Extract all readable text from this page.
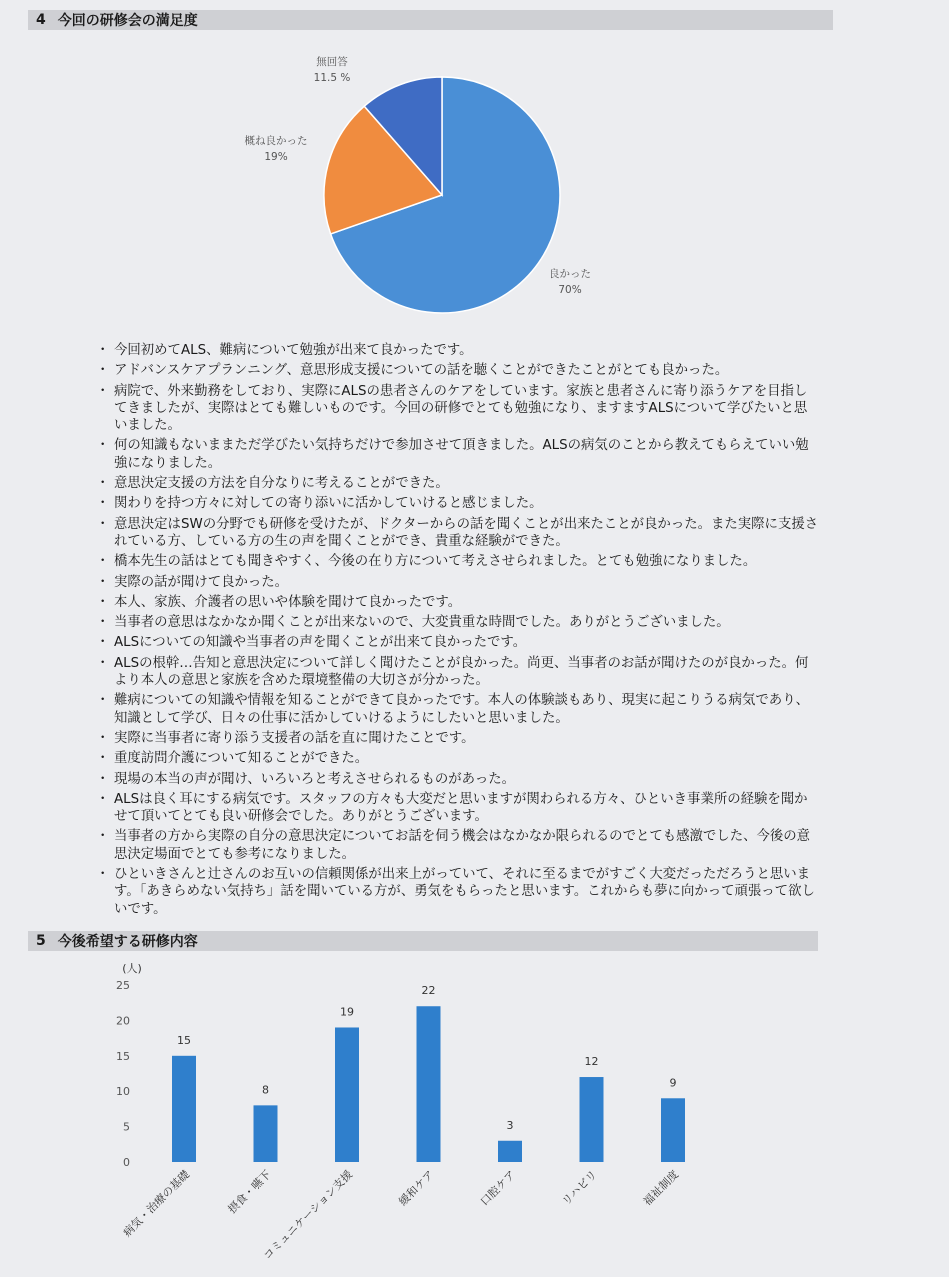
4 今回の研修会の満足度
良かった
70%
概ね良かった
19%
無回答
11.5 %
・ 今回初めてALS、難病について勉強が出来て良かったです。
・ アドバンスケアプランニング、意思形成支援についての話を聴くことができたことがとても良かった。
・ 病院で、外来勤務をしており、実際にALSの患者さんのケアをしています。家族と患者さんに寄り添うケアを目指してきましたが、実際はとても難しいものです。今回の研修でとても勉強になり、ますますALSについて学びたいと思いました。
・ 何の知識もないままただ学びたい気持ちだけで参加させて頂きました。ALSの病気のことから教えてもらえていい勉強になりました。
・ 意思決定支援の方法を自分なりに考えることができた。
・ 関わりを持つ方々に対しての寄り添いに活かしていけると感じました。
・ 意思決定はSWの分野でも研修を受けたが、ドクターからの話を聞くことが出来たことが良かった。また実際に支援されている方、している方の生の声を聞くことができ、貴重な経験ができた。
・ 橋本先生の話はとても聞きやすく、今後の在り方について考えさせられました。とても勉強になりました。
・ 実際の話が聞けて良かった。
・ 本人、家族、介護者の思いや体験を聞けて良かったです。
・ 当事者の意思はなかなか聞くことが出来ないので、大変貴重な時間でした。ありがとうございました。
・ ALSについての知識や当事者の声を聞くことが出来て良かったです。
・ ALSの根幹…告知と意思決定について詳しく聞けたことが良かった。尚更、当事者のお話が聞けたのが良かった。何より本人の意思と家族を含めた環境整備の大切さが分かった。
・ 難病についての知識や情報を知ることができて良かったです。本人の体験談もあり、現実に起こりうる病気であり、知識として学び、日々の仕事に活かしていけるようにしたいと思いました。
・ 実際に当事者に寄り添う支援者の話を直に聞けたことです。
・ 重度訪問介護について知ることができた。
・ 現場の本当の声が聞け、いろいろと考えさせられるものがあった。
・ ALSは良く耳にする病気です。スタッフの方々も大変だと思いますが関わられる方々、ひといき事業所の経験を聞かせて頂いてとても良い研修会でした。ありがとうございます。
・ 当事者の方から実際の自分の意思決定についてお話を伺う機会はなかなか限られるのでとても感激でした、今後の意思決定場面でとても参考になりました。
・ ひといきさんと辻さんのお互いの信頼関係が出来上がっていて、それに至るまでがすごく大変だっただろうと思います。「あきらめない気持ち」話を聞いている方が、勇気をもらったと思います。これからも夢に向かって頑張って欲しいです。
5 今後希望する研修内容
(人)
0
5
10
15
20
25
15
病気・治療の基礎
8
摂食・嚥下
19
コミュニケーション支援
22
緩和ケア
3
口腔ケア
12
リハビリ
9
福祉制度
